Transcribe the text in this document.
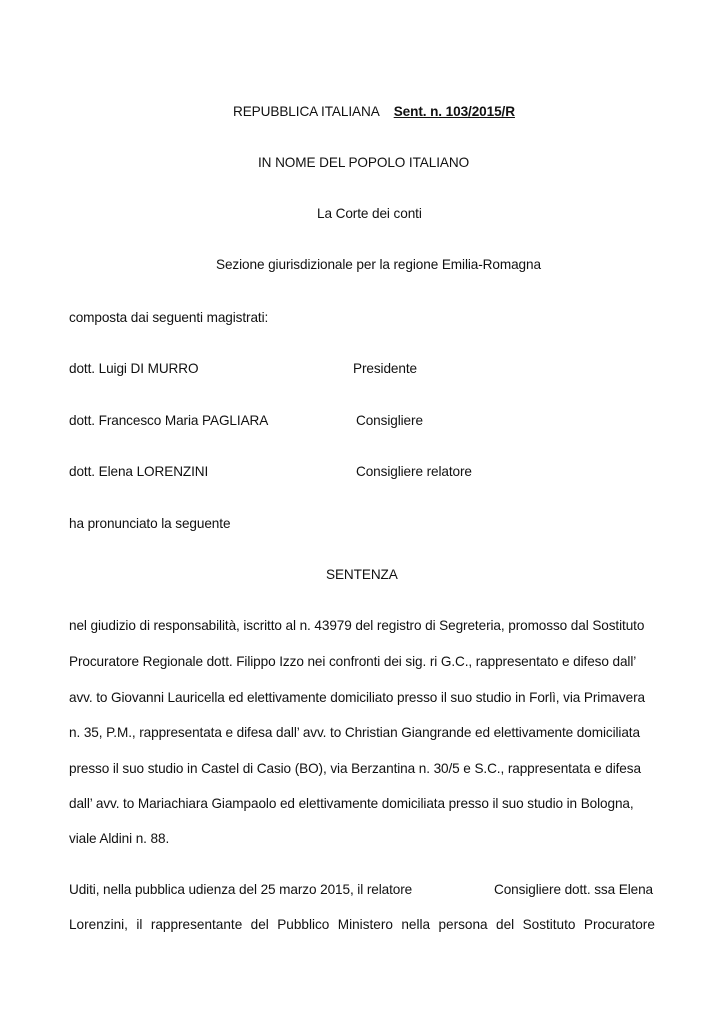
REPUBBLICA ITALIANA Sent. n. 103/2015/R
IN NOME DEL POPOLO ITALIANO
La Corte dei conti
Sezione giurisdizionale per la regione Emilia-Romagna
composta dai seguenti magistrati:
dott. Luigi DI MURRO	Presidente
dott. Francesco Maria PAGLIARA	Consigliere
dott. Elena LORENZINI	Consigliere relatore
ha pronunciato la seguente
SENTENZA
nel giudizio di responsabilità, iscritto al n. 43979 del registro di Segreteria, promosso dal Sostituto
Procuratore Regionale dott. Filippo Izzo nei confronti dei sig. ri G.C., rappresentato e difeso dall’
avv. to Giovanni Lauricella ed elettivamente domiciliato presso il suo studio in Forlì, via Primavera
n. 35, P.M., rappresentata e difesa dall’ avv. to Christian Giangrande ed elettivamente domiciliata
presso il suo studio in Castel di Casio (BO), via Berzantina n. 30/5 e S.C., rappresentata e difesa
dall’ avv. to Mariachiara Giampaolo ed elettivamente domiciliata presso il suo studio in Bologna,
viale Aldini n. 88.
Uditi, nella pubblica udienza del 25 marzo 2015, il relatore	Consigliere dott. ssa Elena
Lorenzini, il rappresentante del Pubblico Ministero nella persona del Sostituto Procuratore
